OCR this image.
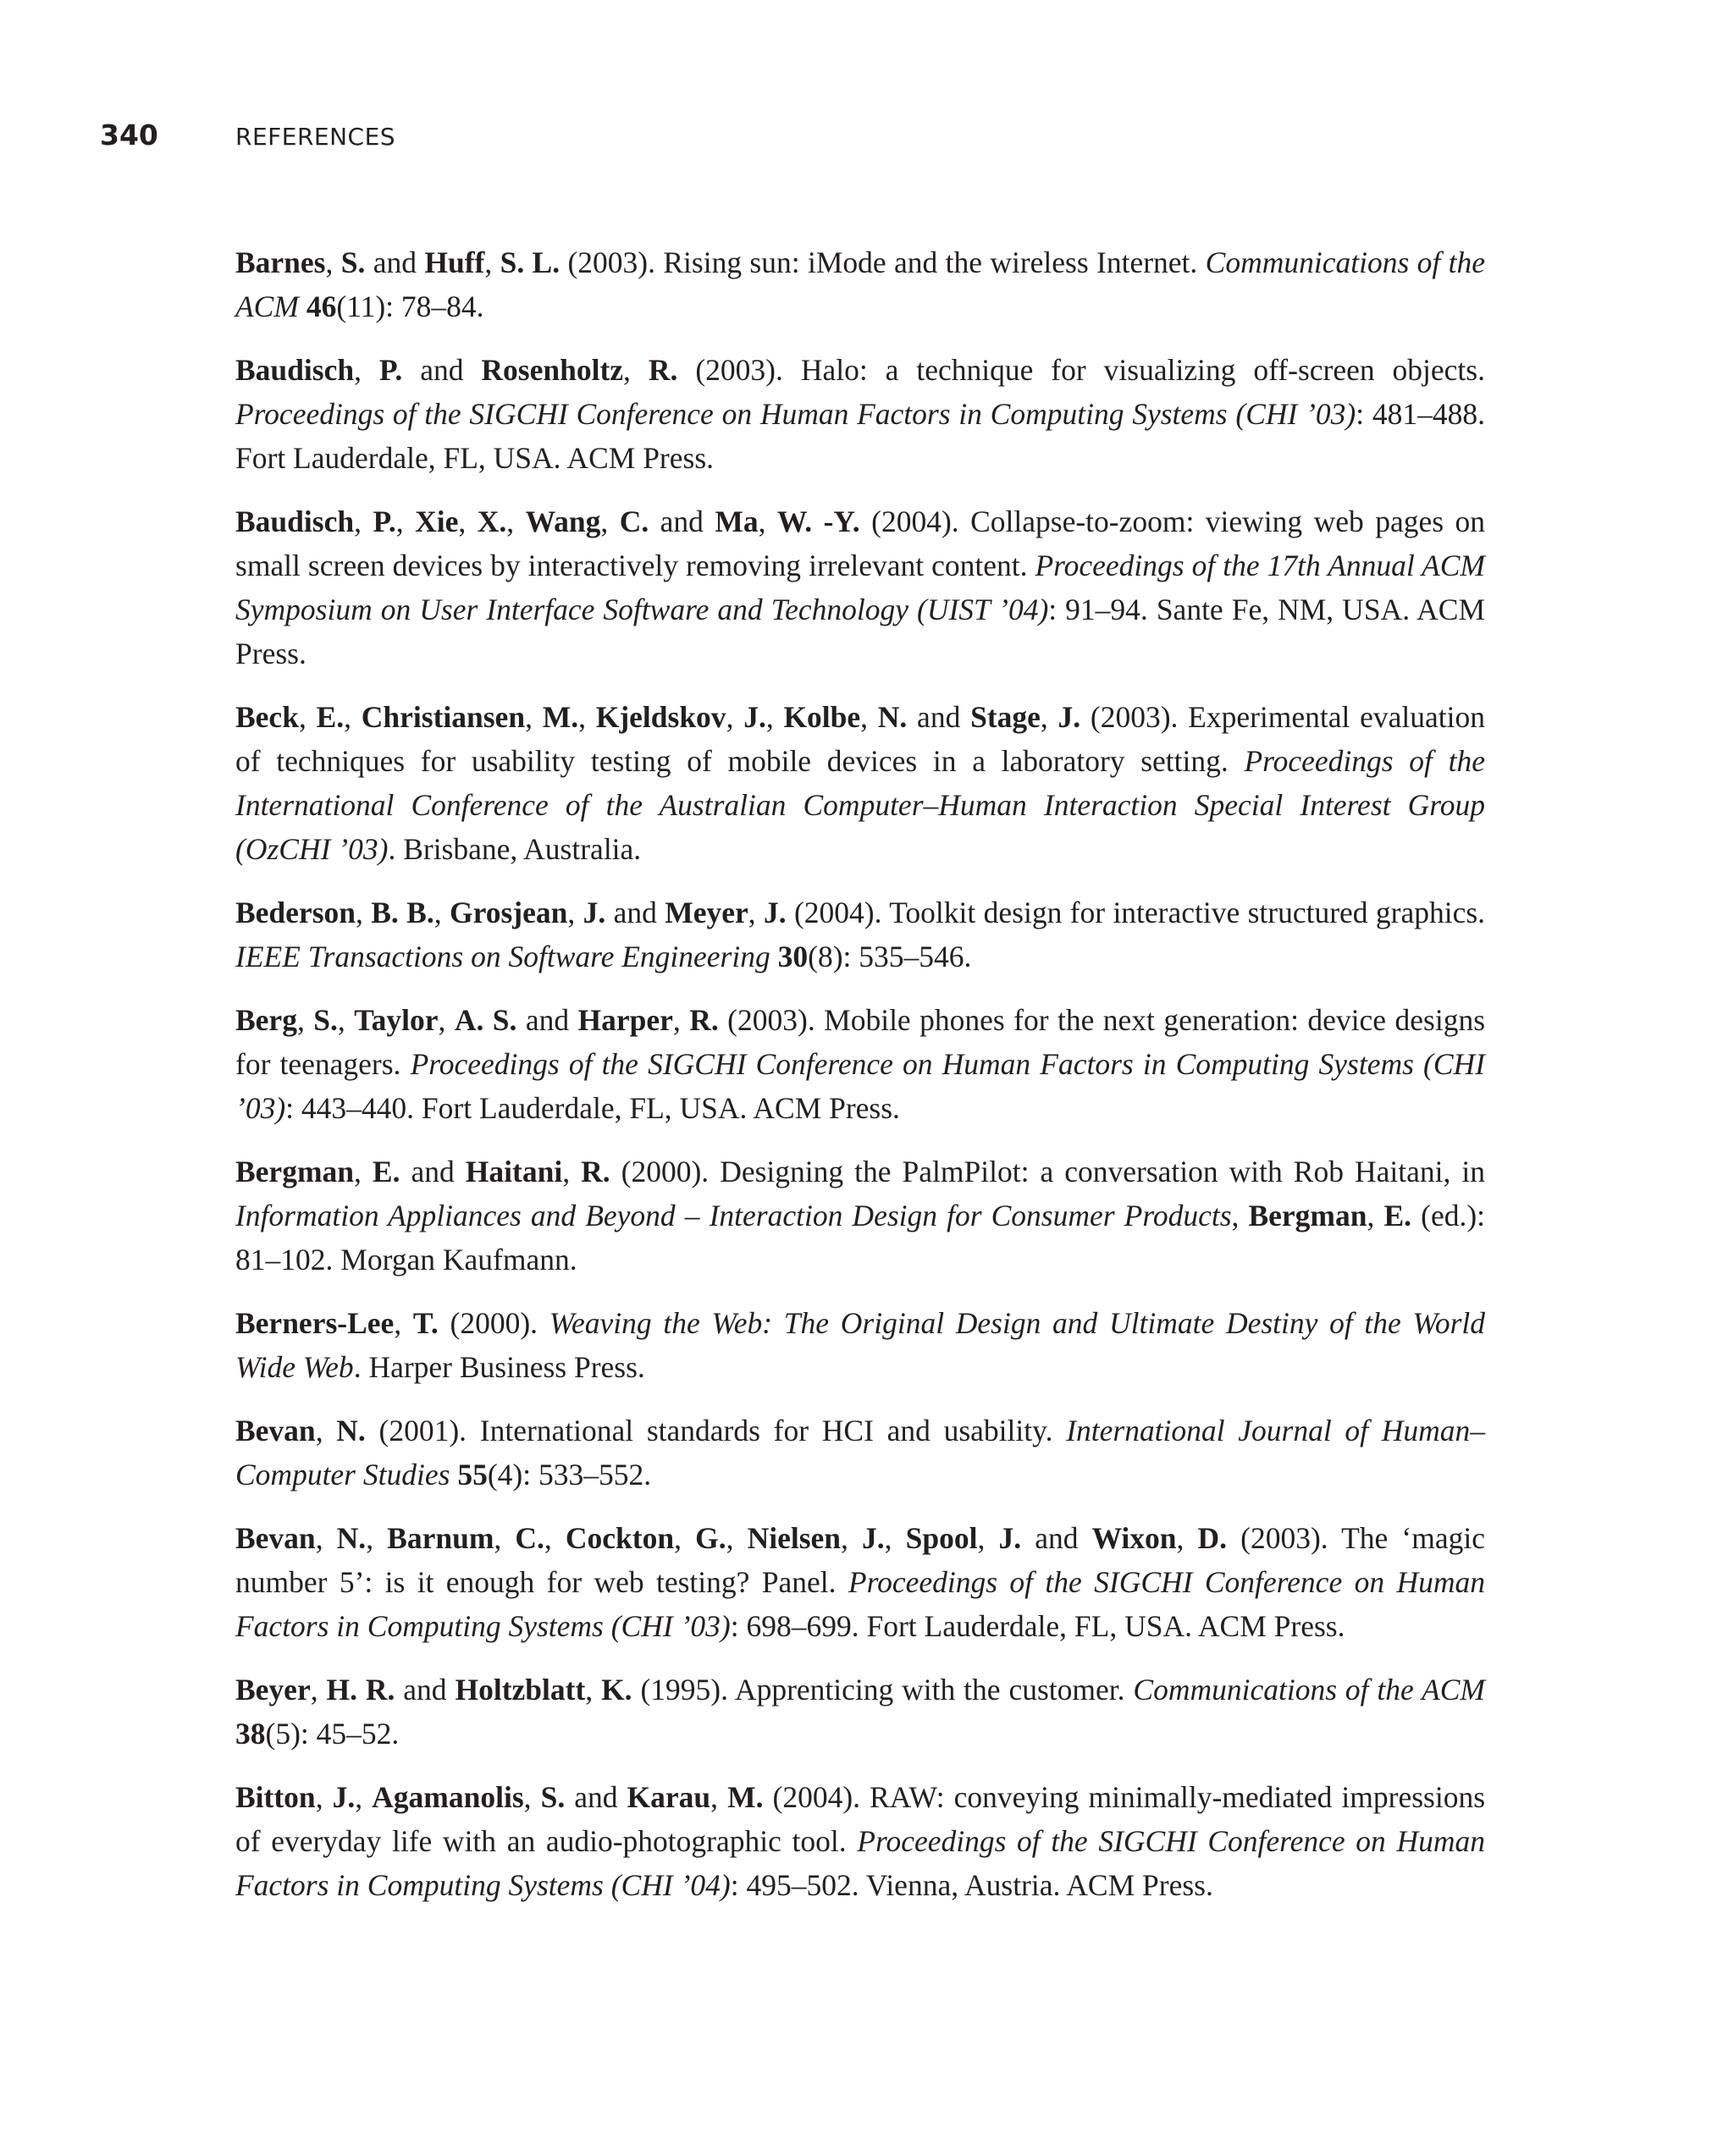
340	REFERENCES

Barnes, S. and Huff, S. L. (2003). Rising sun: iMode and the wireless Internet. Communications of the ACM 46(11): 78–84.

Baudisch, P. and Rosenholtz, R. (2003). Halo: a technique for visualizing off-screen objects. Proceedings of the SIGCHI Conference on Human Factors in Computing Systems (CHI ’03): 481–488. Fort Lauderdale, FL, USA. ACM Press.

Baudisch, P., Xie, X., Wang, C. and Ma, W. -Y. (2004). Collapse-to-zoom: viewing web pages on small screen devices by interactively removing irrelevant content. Proceedings of the 17th Annual ACM Symposium on User Interface Software and Technology (UIST ’04): 91–94. Sante Fe, NM, USA. ACM Press.

Beck, E., Christiansen, M., Kjeldskov, J., Kolbe, N. and Stage, J. (2003). Experimental evaluation of techniques for usability testing of mobile devices in a laboratory setting. Proceedings of the International Conference of the Australian Computer–Human Interaction Special Interest Group (OzCHI ’03). Brisbane, Australia.

Bederson, B. B., Grosjean, J. and Meyer, J. (2004). Toolkit design for interactive structured graphics. IEEE Transactions on Software Engineering 30(8): 535–546.

Berg, S., Taylor, A. S. and Harper, R. (2003). Mobile phones for the next generation: device designs for teenagers. Proceedings of the SIGCHI Conference on Human Factors in Computing Systems (CHI ’03): 443–440. Fort Lauderdale, FL, USA. ACM Press.

Bergman, E. and Haitani, R. (2000). Designing the PalmPilot: a conversation with Rob Haitani, in Information Appliances and Beyond – Interaction Design for Consumer Products, Bergman, E. (ed.): 81–102. Morgan Kaufmann.

Berners-Lee, T. (2000). Weaving the Web: The Original Design and Ultimate Destiny of the World Wide Web. Harper Business Press.

Bevan, N. (2001). International standards for HCI and usability. International Journal of Human–Computer Studies 55(4): 533–552.

Bevan, N., Barnum, C., Cockton, G., Nielsen, J., Spool, J. and Wixon, D. (2003). The ‘magic number 5’: is it enough for web testing? Panel. Proceedings of the SIGCHI Conference on Human Factors in Computing Systems (CHI ’03): 698–699. Fort Lauderdale, FL, USA. ACM Press.

Beyer, H. R. and Holtzblatt, K. (1995). Apprenticing with the customer. Communications of the ACM 38(5): 45–52.

Bitton, J., Agamanolis, S. and Karau, M. (2004). RAW: conveying minimally-mediated impressions of everyday life with an audio-photographic tool. Proceedings of the SIGCHI Conference on Human Factors in Computing Systems (CHI ’04): 495–502. Vienna, Austria. ACM Press.
